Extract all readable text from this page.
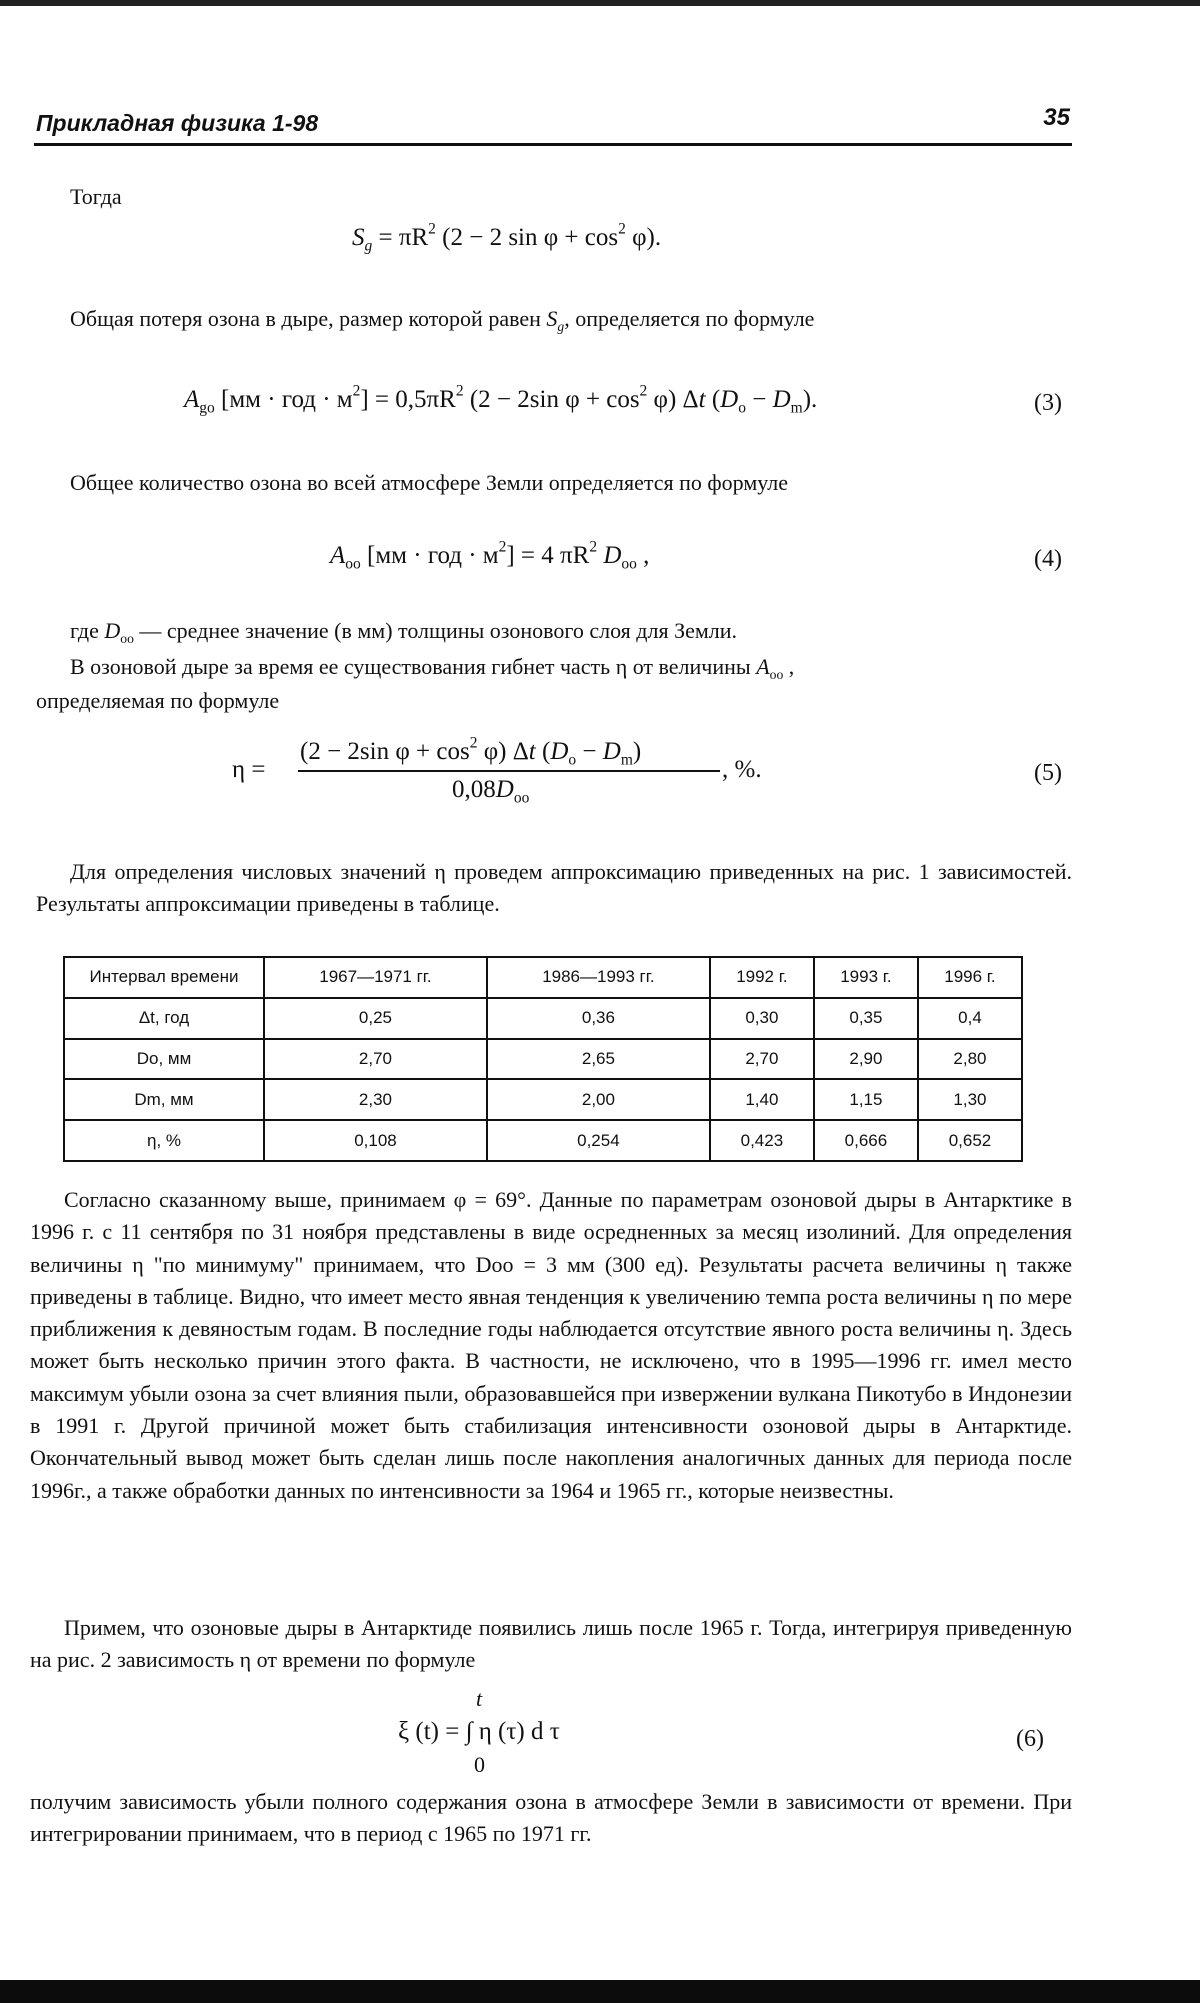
Прикладная физика 1-98	35
Тогда
$S_g = \pi R^2$ (2 − 2 $\sin \varphi + \cos^2 \varphi$).
Общая потеря озона в дыре, размер которой равен $S_g$, определяется по формуле
$A_{go}$ [мм · год · $м^2] = 0,5\pi R^2$ (2 − 2sin $\varphi + \cos^2 \varphi$) Δt $(D_o - D_m)$.	(3)
Общее количество озона во всей атмосфере Земли определяется по формуле
$A_{oo}$ [мм · год · $м^2] = 4$ $\pi R^2$ $D_{oo}$ ,	(4)
где $D_{oo}$ — среднее значение (в мм) толщины озонового слоя для Земли.
В озоновой дыре за время ее существования гибнет часть η от величины $A_{oo}$ ,
определяемая по формуле
η =
(2 − 2sin $\varphi + \cos^2 \varphi$) Δt $(D_o - D_m)$
$0,08D_{oo}$
, %.	(5)

Для определения числовых значений η проведем аппроксимацию приведенных на рис. 1 зависимостей. Результаты аппроксимации приведены в таблице.

Интервал времени	1967—1971 гг.	1986—1993 гг.	1992 г.	1993 г.	1996 г.
Δt, год	0,25	0,36	0,30	0,35	0,4
Dо, мм	2,70	2,65	2,70	2,90	2,80
Dm, мм	2,30	2,00	1,40	1,15	1,30
η, %	0,108	0,254	0,423	0,666	0,652

Согласно сказанному выше, принимаем φ = 69°. Данные по параметрам озоновой дыры в Антарктике в 1996 г. с 11 сентября по 31 ноября представлены в виде осредненных за месяц изолиний. Для определения величины η "по минимуму" принимаем, что Dоо = 3 мм (300 ед). Результаты расчета величины η также приведены в таблице. Видно, что имеет место явная тенденция к увеличению темпа роста величины η по мере приближения к девяностым годам. В последние годы наблюдается отсутствие явного роста величины η. Здесь может быть несколько причин этого факта. В частности, не исключено, что в 1995—1996 гг. имел место максимум убыли озона за счет влияния пыли, образовавшейся при извержении вулкана Пикотубо в Индонезии в 1991 г. Другой причиной может быть стабилизация интенсивности озоновой дыры в Антарктиде. Окончательный вывод может быть сделан лишь после накопления аналогичных данных для периода после 1996г., а также обработки данных по интенсивности за 1964 и 1965 гг., которые неизвестны.

Примем, что озоновые дыры в Антарктиде появились лишь после 1965 г. Тогда, интегрируя приведенную на рис. 2 зависимость η от времени по формуле

t
ξ (t) = ∫ η (τ) d τ
0
(6)

получим зависимость убыли полного содержания озона в атмосфере Земли в зависимости от времени. При интегрировании принимаем, что в период с 1965 по 1971 гг.
